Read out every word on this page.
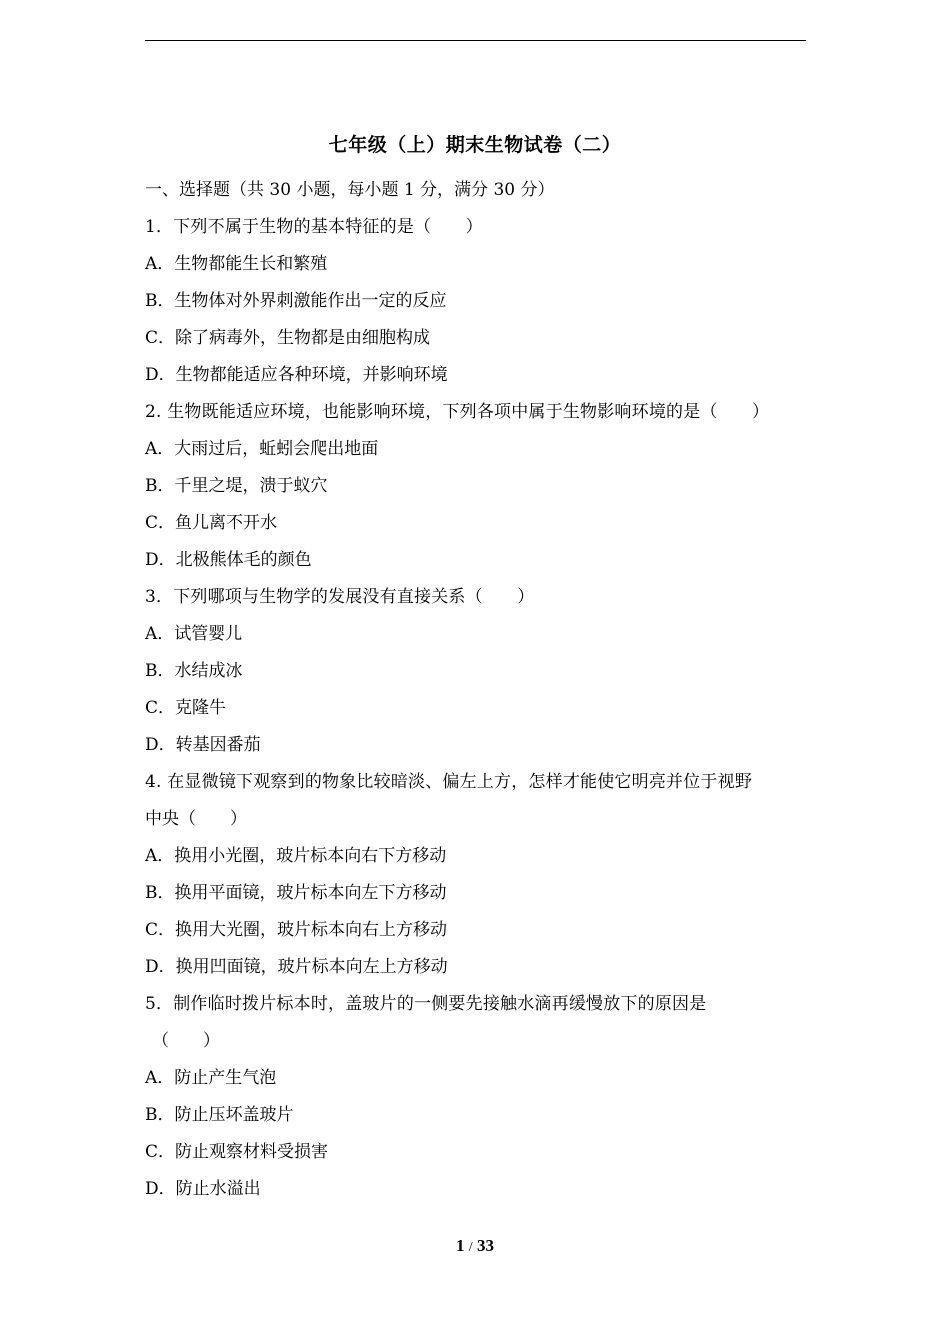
七年级（上）期末生物试卷（二）
一、选择题（共 30 小题，每小题 1 分，满分 30 分）
1．下列不属于生物的基本特征的是（　　）
A．生物都能生长和繁殖
B．生物体对外界刺激能作出一定的反应
C．除了病毒外，生物都是由细胞构成
D．生物都能适应各种环境，并影响环境
2. 生物既能适应环境，也能影响环境，下列各项中属于生物影响环境的是（　　）
A．大雨过后，蚯蚓会爬出地面
B．千里之堤，溃于蚁穴
C．鱼儿离不开水
D．北极熊体毛的颜色
3．下列哪项与生物学的发展没有直接关系（　　）
A．试管婴儿
B．水结成冰
C．克隆牛
D．转基因番茄
4. 在显微镜下观察到的物象比较暗淡、偏左上方，怎样才能使它明亮并位于视野
中央（　　）
A．换用小光圈，玻片标本向右下方移动
B．换用平面镜，玻片标本向左下方移动
C．换用大光圈，玻片标本向右上方移动
D．换用凹面镜，玻片标本向左上方移动
5．制作临时拨片标本时，盖玻片的一侧要先接触水滴再缓慢放下的原因是
（　　）
A．防止产生气泡
B．防止压坏盖玻片
C．防止观察材料受损害
D．防止水溢出
1 / 33
